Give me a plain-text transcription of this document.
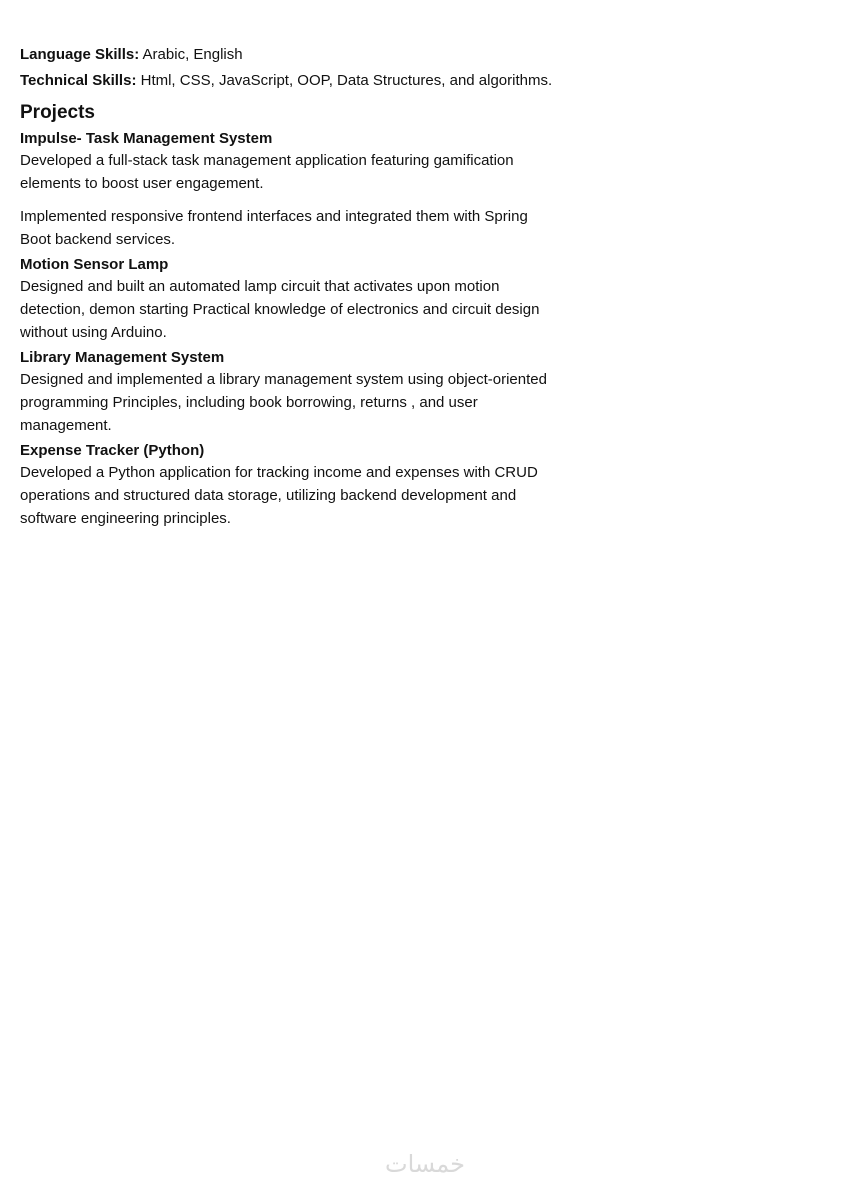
Language Skills: Arabic, English
Technical Skills: Html, CSS, JavaScript, OOP, Data Structures, and algorithms.
Projects
Impulse- Task Management System
Developed a full-stack task management application featuring gamification elements to boost user engagement.
Implemented responsive frontend interfaces and integrated them with Spring Boot backend services.
Motion Sensor Lamp
Designed and built an automated lamp circuit that activates upon motion detection, demon starting Practical knowledge of electronics and circuit design without using Arduino.
Library Management System
Designed and implemented a library management system using object-oriented programming Principles, including book borrowing, returns , and user management.
Expense Tracker (Python)
Developed a Python application for tracking income and expenses with CRUD operations and structured data storage, utilizing backend development and software engineering principles.
خمسات
